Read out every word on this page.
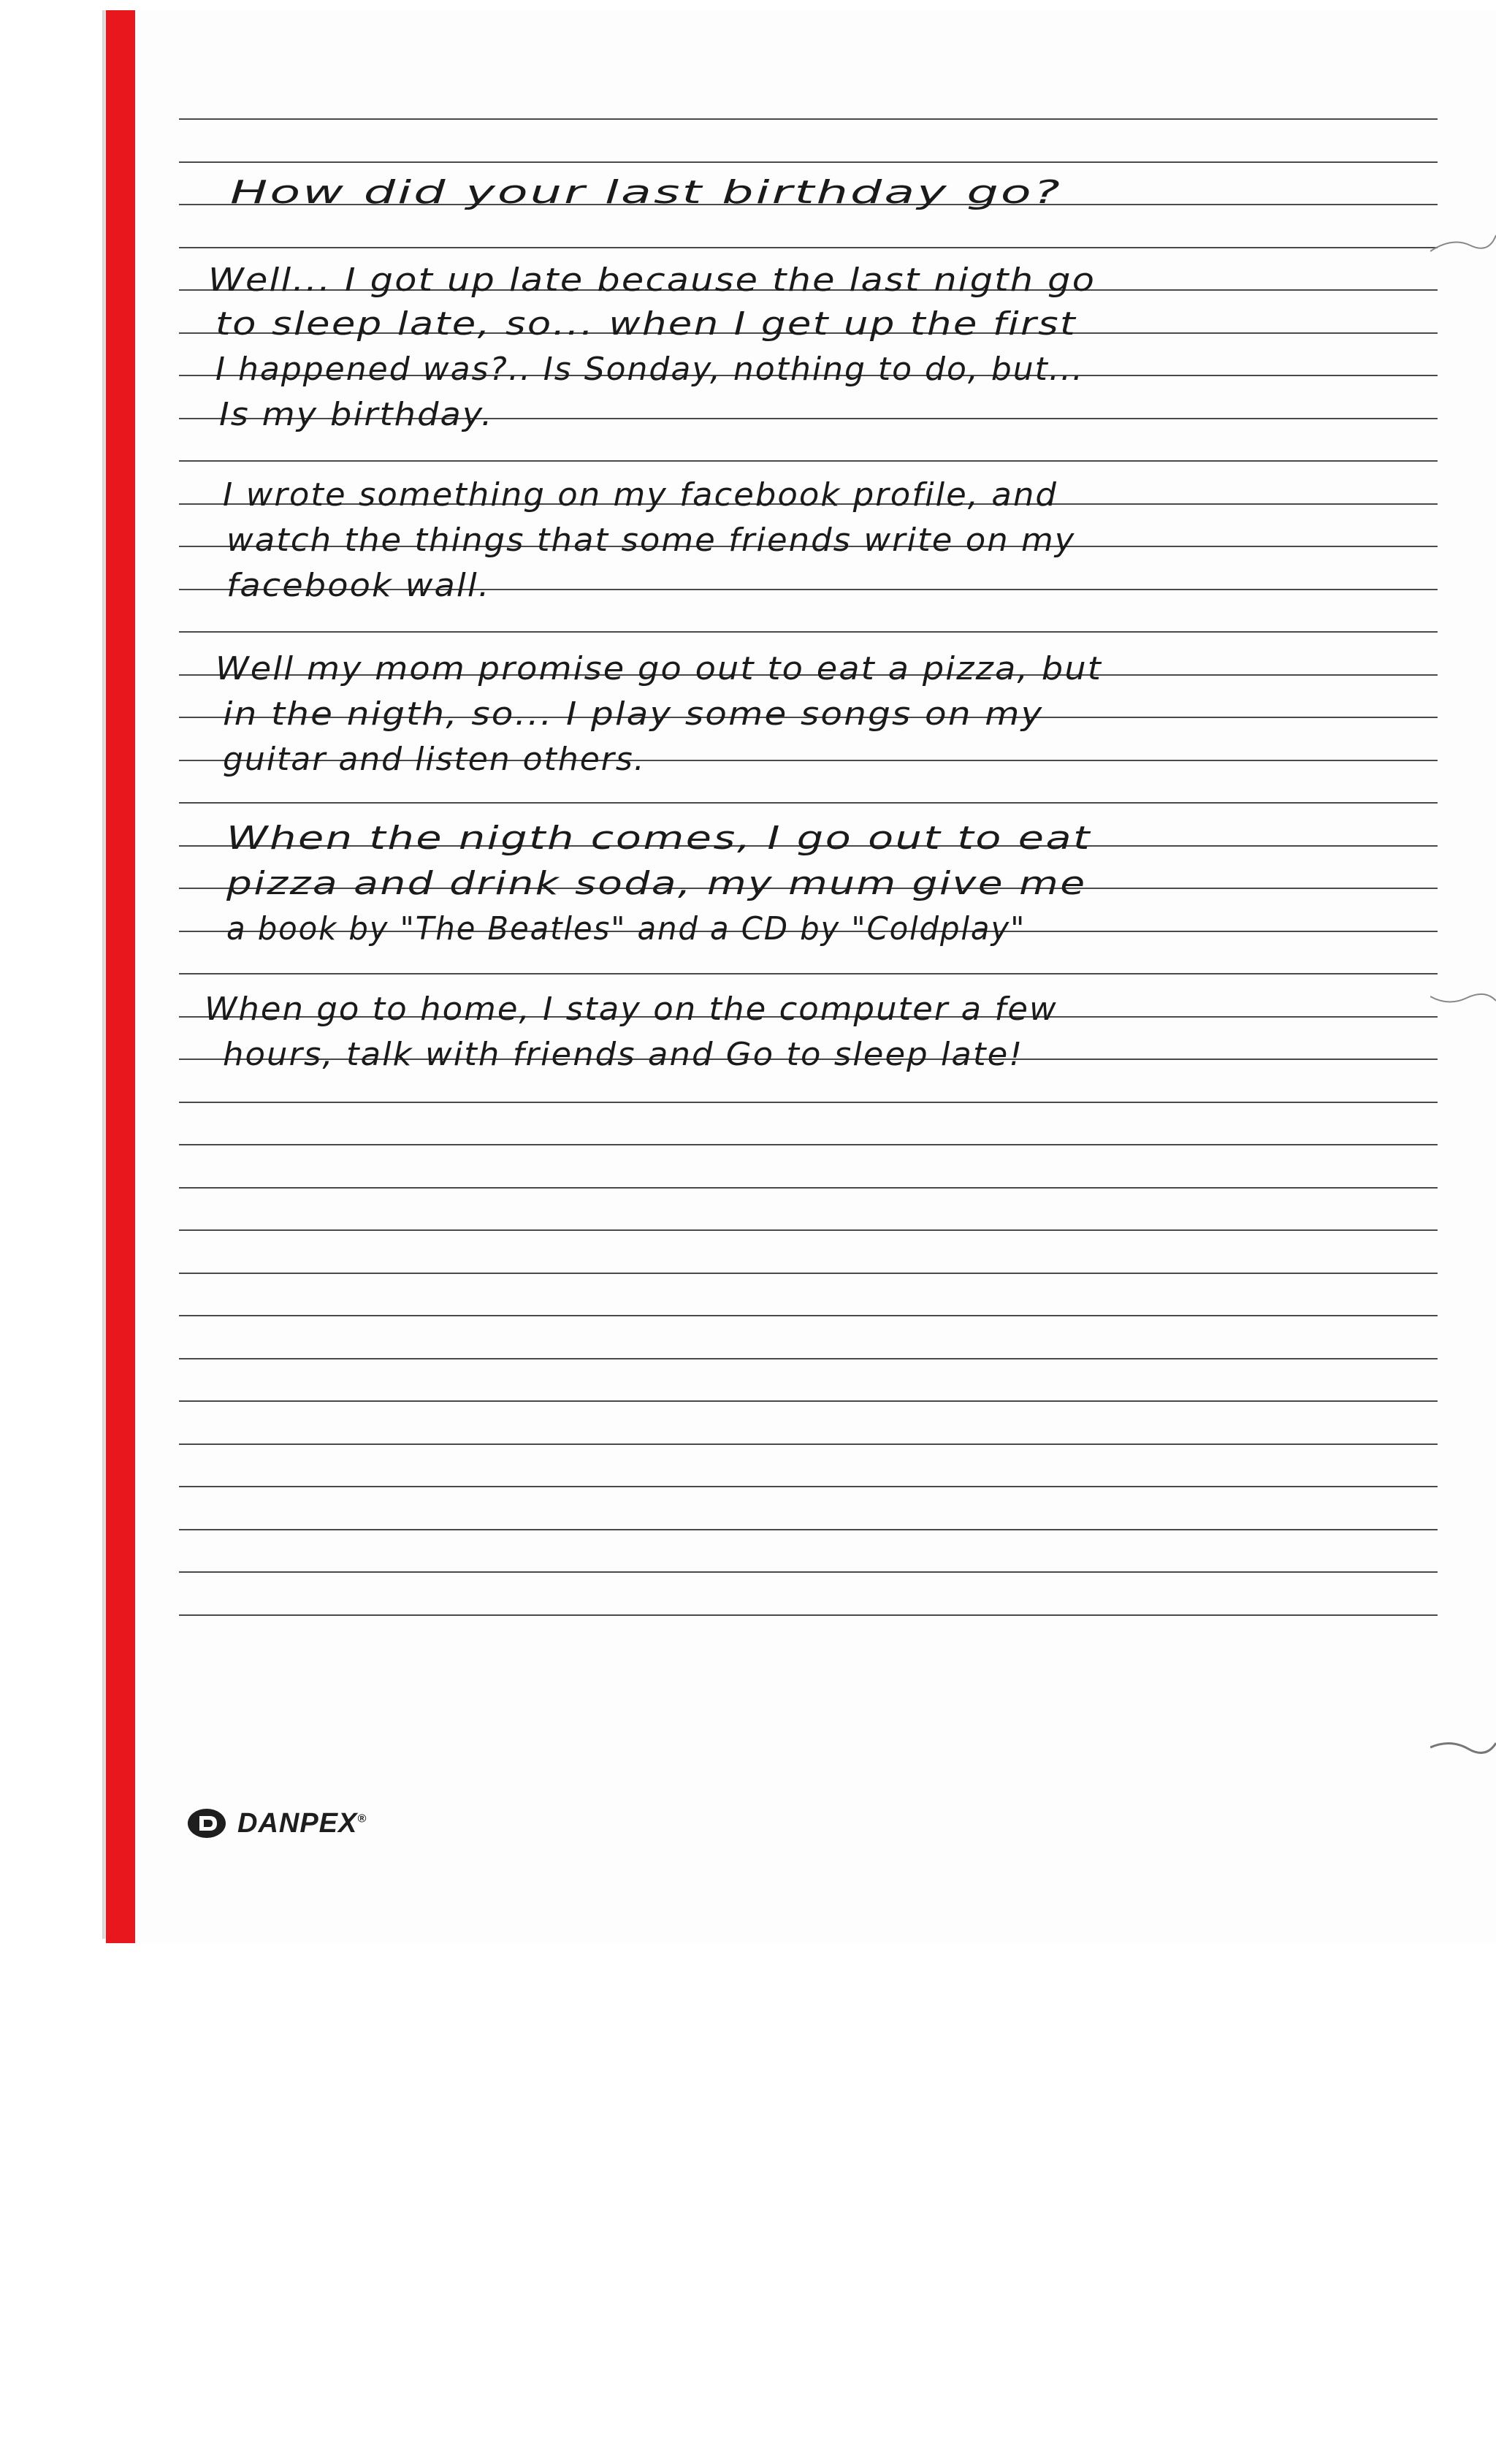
How did your last birthday go?
Well... I got up late because the last nigth go
to sleep late, so... when I get up the first
I happened was?.. Is Sonday, nothing to do, but...
Is my birthday.
I wrote something on my facebook profile, and
watch the things that some friends write on my
facebook wall.
Well my mom promise go out to eat a pizza, but
in the nigth, so... I play some songs on my
guitar and listen others.
When the nigth comes, I go out to eat
pizza and drink soda, my mum give me
a book by "The Beatles" and a CD by "Coldplay"
When go to home, I stay on the computer a few
hours, talk with friends and Go to sleep late!
DANPEX®
